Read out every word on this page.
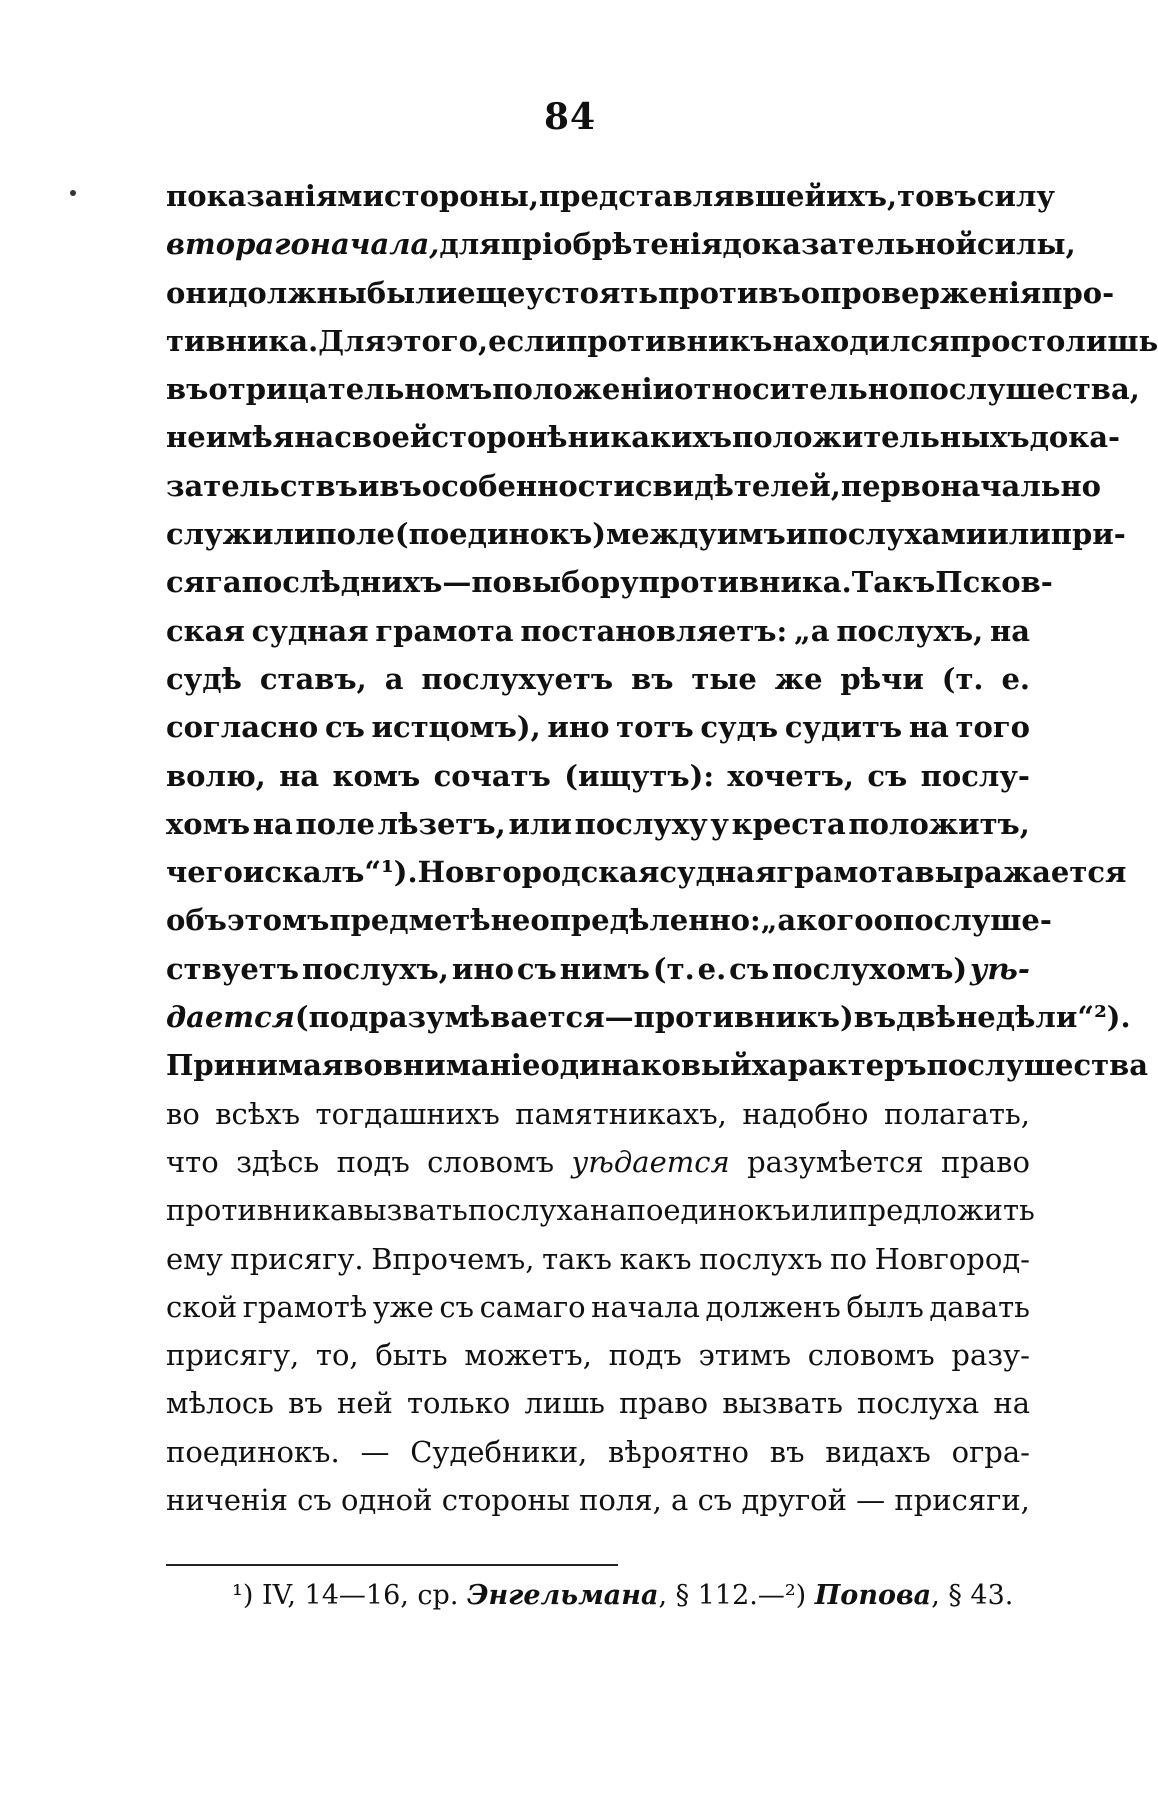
84
показанiями стороны, представлявшей ихъ, то въ силу
втораго начала, для прiобрѣтенiя доказательной силы,
они должны были еще устоять противъ опроверженiя про-
тивника. Для этого, если противникъ находился просто лишь
въ отрицательномъ положенiи относительно послушества,
не имѣя на своей сторонѣ никакихъ положительныхъ дока-
зательствъ и въ особенности свидѣтелей, первоначально
служили поле (поединокъ) между имъ и послухами или при-
сяга послѣднихъ — по выбору противника. Такъ Псков-
ская судная грамота постановляетъ: „а послухъ, на
судѣ ставъ, а послухуетъ въ тые же рѣчи (т. е.
согласно съ истцомъ), ино тотъ судъ судитъ на того
волю, на комъ сочатъ (ищутъ): хочетъ, съ послу-
хомъ на поле лѣзетъ, или послуху у креста положитъ,
чего искалъ“ ¹). Новгородская судная грамота выражается
объ этомъ предметѣ неопредѣленно: „а кого опослуше-
ствуетъ послухъ, ино съ нимъ (т. е. съ послухомъ) уѣ-
дается (подразумѣвается—противникъ) въ двѣ недѣли“ ²).
Принимая во вниманiе одинаковый характеръ послушества
во всѣхъ тогдашнихъ памятникахъ, надобно полагать,
что здѣсь подъ словомъ уѣдается разумѣется право
противника вызвать послуха на поединокъ или предложить
ему присягу. Впрочемъ, такъ какъ послухъ по Новгород-
ской грамотѣ уже съ самаго начала долженъ былъ давать
присягу, то, быть можетъ, подъ этимъ словомъ разу-
мѣлось въ ней только лишь право вызвать послуха на
поединокъ. — Судебники, вѣроятно въ видахъ огра-
ниченiя съ одной стороны поля, а съ другой — присяги,
¹) IV, 14—16, ср. Энгельмана, § 112.—²) Попова, § 43.
